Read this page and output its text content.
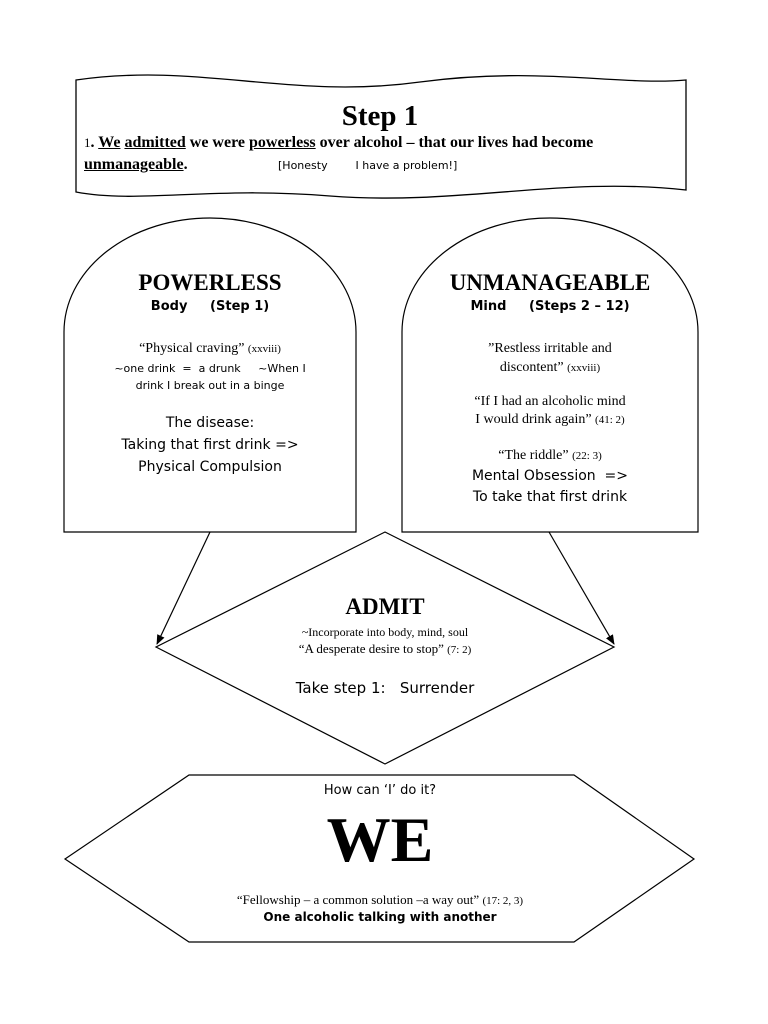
Step 1
1. We admitted we were powerless over alcohol – that our lives had become
unmanageable.	[Honesty        I have a problem!]
POWERLESS
Body     (Step 1)
“Physical craving” (xxviii)
~one drink  =  a drunk     ~When I
drink I break out in a binge
The disease:
Taking that first drink =>
Physical Compulsion
UNMANAGEABLE
Mind     (Steps 2 – 12)
”Restless irritable and
discontent” (xxviii)
“If I had an alcoholic mind
I would drink again” (41: 2)
“The riddle” (22: 3)
Mental Obsession  =>
To take that first drink
ADMIT
~Incorporate into body, mind, soul
“A desperate desire to stop” (7: 2)
Take step 1: Surrender
How can ‘I’ do it?
WE
“Fellowship – a common solution –a way out” (17: 2, 3)
One alcoholic talking with another
